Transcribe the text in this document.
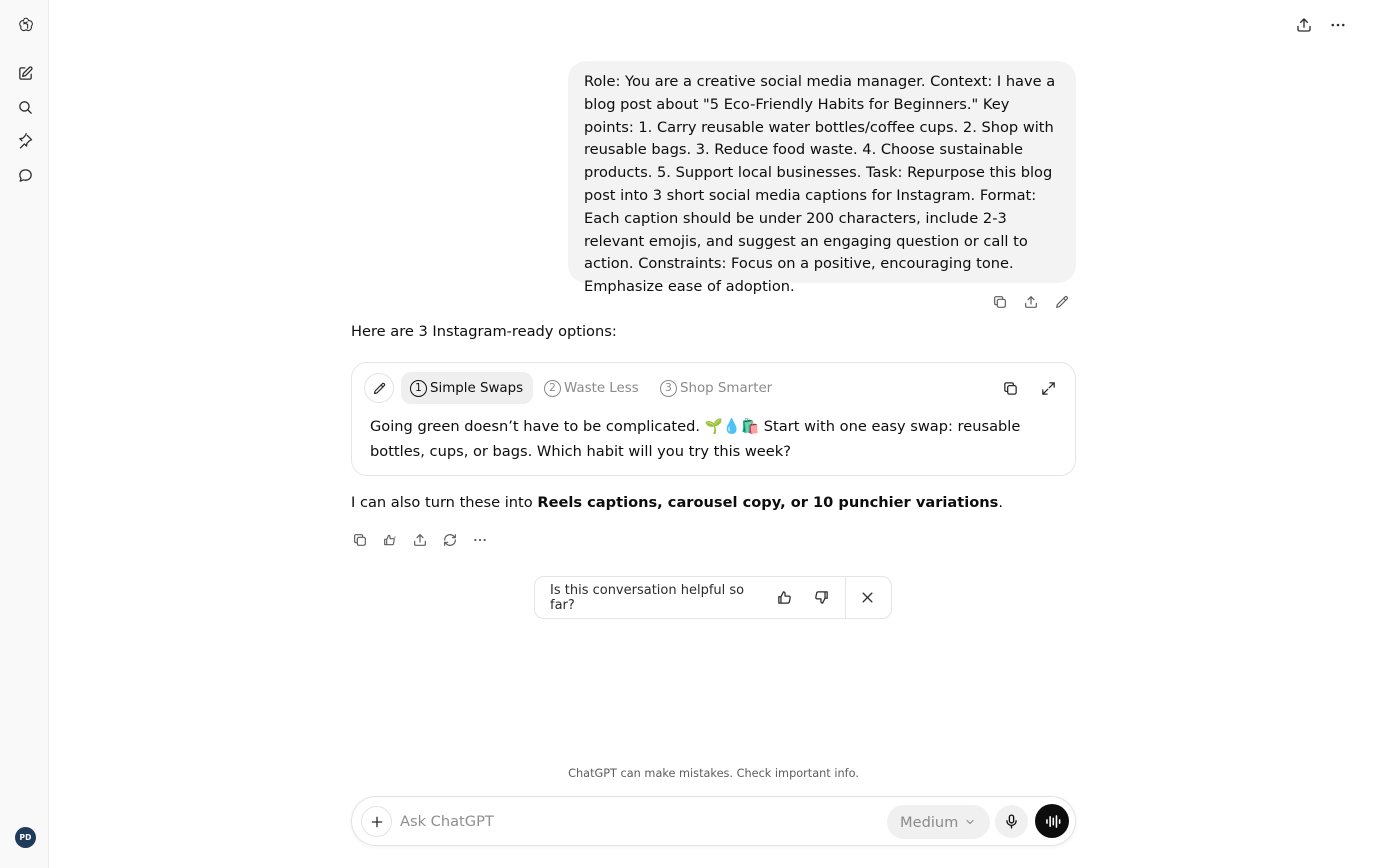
PD
Role: You are a creative social media manager. Context: I have a blog post about "5 Eco-Friendly Habits for Beginners." Key points: 1. Carry reusable water bottles/coffee cups. 2. Shop with reusable bags. 3. Reduce food waste. 4. Choose sustainable products. 5. Support local businesses. Task: Repurpose this blog post into 3 short social media captions for Instagram. Format: Each caption should be under 200 characters, include 2-3 relevant emojis, and suggest an engaging question or call to action. Constraints: Focus on a positive, encouraging tone. Emphasize ease of adoption.
Here are 3 Instagram-ready options:
1 Simple Swaps	2 Waste Less	3 Shop Smarter
Going green doesn’t have to be complicated. 🌱💧🛍️ Start with one easy swap: reusable bottles, cups, or bags. Which habit will you try this week?
I can also turn these into Reels captions, carousel copy, or 10 punchier variations.
Is this conversation helpful so far?
ChatGPT can make mistakes. Check important info.
Ask ChatGPT
Medium
